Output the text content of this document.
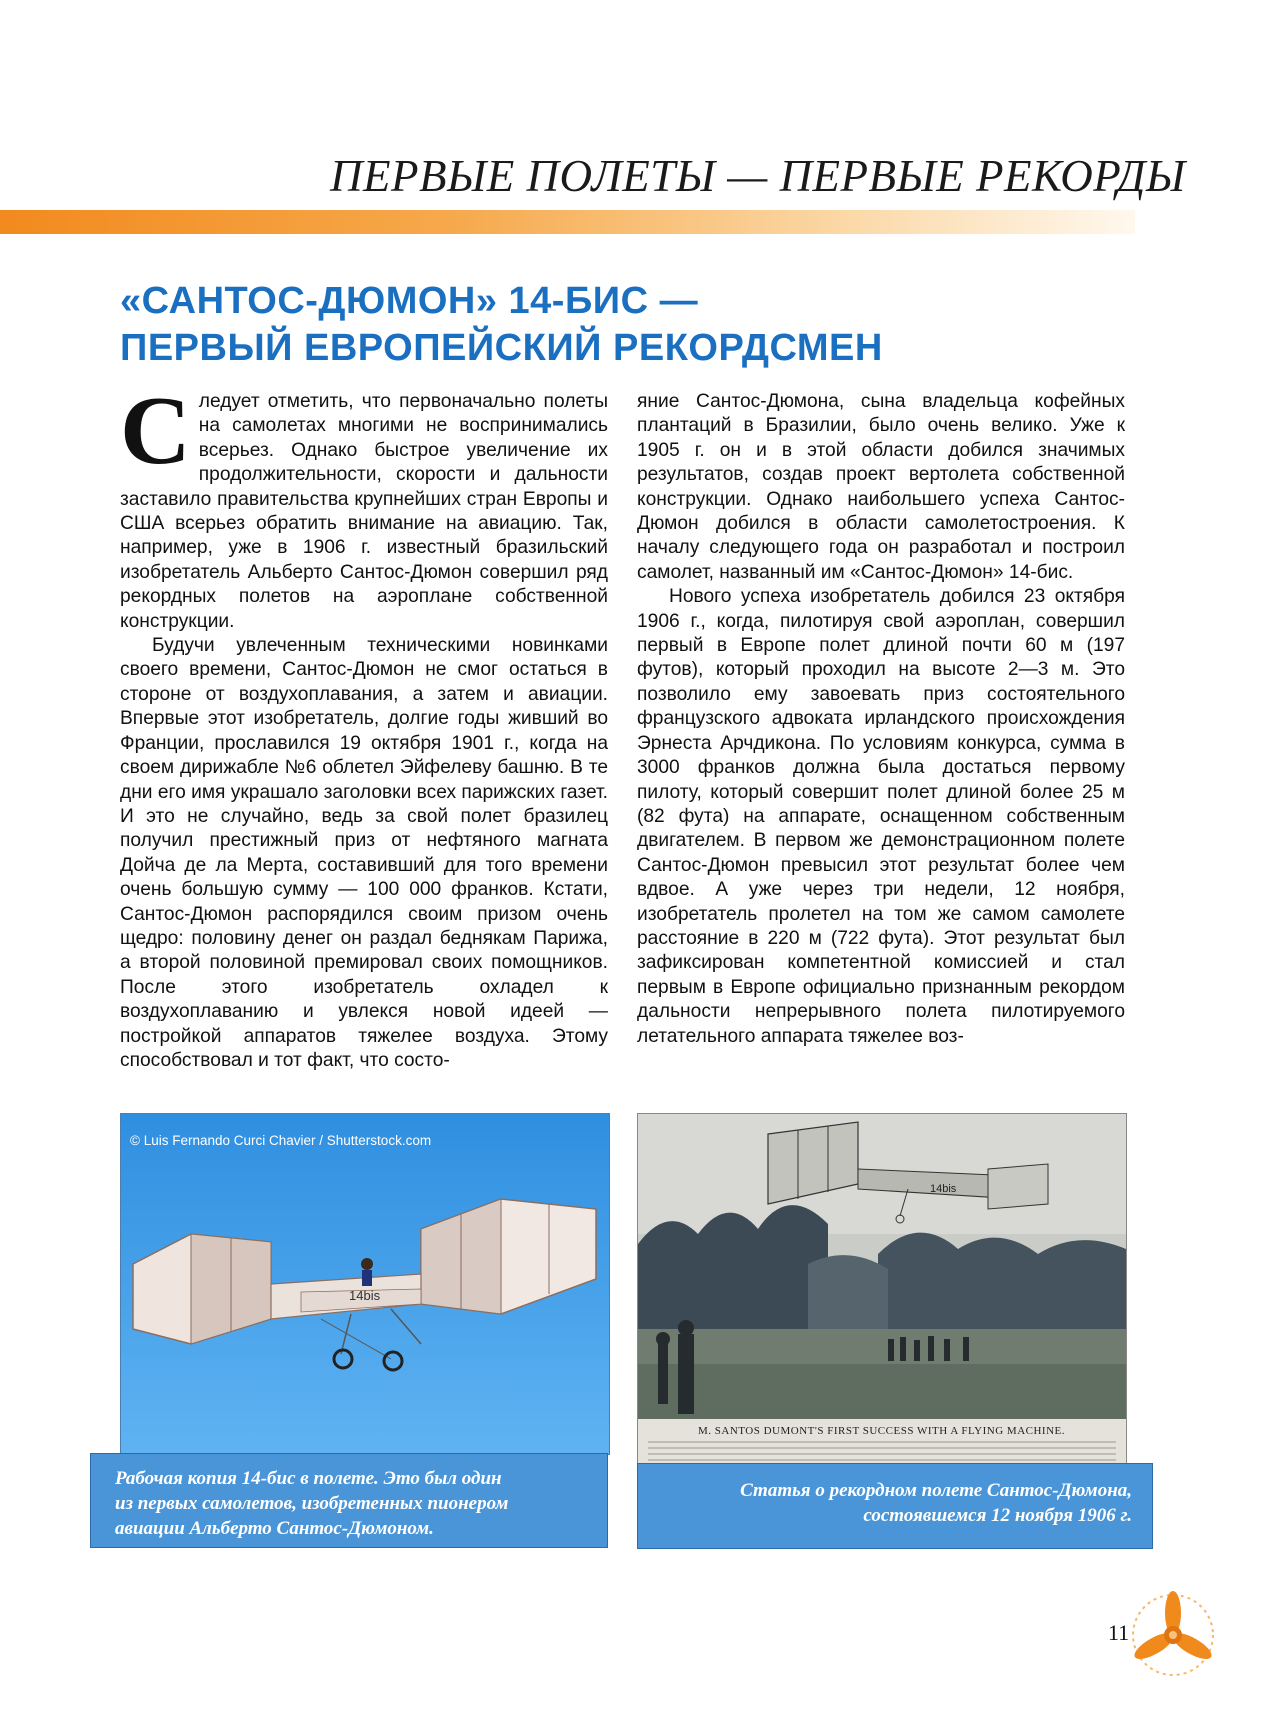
ПЕРВЫЕ ПОЛЕТЫ — ПЕРВЫЕ РЕКОРДЫ
«САНТОС-ДЮМОН» 14-БИС —
ПЕРВЫЙ ЕВРОПЕЙСКИЙ РЕКОРДСМЕН

Следует отметить, что первоначально полеты на самолетах многими не воспринимались всерьез. Однако быстрое увеличение их продолжительности, скорости и дальности заставило правительства крупнейших стран Европы и США всерьез обратить внимание на авиацию. Так, например, уже в 1906 г. известный бразильский изобретатель Альберто Сантос-Дюмон совершил ряд рекордных полетов на аэроплане собственной конструкции.

Будучи увлеченным техническими новинками своего времени, Сантос-Дюмон не смог остаться в стороне от воздухоплавания, а затем и авиации. Впервые этот изобретатель, долгие годы живший во Франции, прославился 19 октября 1901 г., когда на своем дирижабле №6 облетел Эйфелеву башню. В те дни его имя украшало заголовки всех парижских газет. И это не случайно, ведь за свой полет бразилец получил престижный приз от нефтяного магната Дойча де ла Мерта, составивший для того времени очень большую сумму — 100 000 франков. Кстати, Сантос-Дюмон распорядился своим призом очень щедро: половину денег он раздал беднякам Парижа, а второй половиной премировал своих помощников. После этого изобретатель охладел к воздухоплаванию и увлекся новой идеей — постройкой аппаратов тяжелее воздуха. Этому способствовал и тот факт, что состо-

яние Сантос-Дюмона, сына владельца кофейных плантаций в Бразилии, было очень велико. Уже к 1905 г. он и в этой области добился значимых результатов, создав проект вертолета собственной конструкции. Однако наибольшего успеха Сантос-Дюмон добился в области самолетостроения. К началу следующего года он разработал и построил самолет, названный им «Сантос-Дюмон» 14-бис.

Нового успеха изобретатель добился 23 октября 1906 г., когда, пилотируя свой аэроплан, совершил первый в Европе полет длиной почти 60 м (197 футов), который проходил на высоте 2—3 м. Это позволило ему завоевать приз состоятельного французского адвоката ирландского происхождения Эрнеста Арчдикона. По условиям конкурса, сумма в 3000 франков должна была достаться первому пилоту, который совершит полет длиной более 25 м (82 фута) на аппарате, оснащенном собственным двигателем. В первом же демонстрационном полете Сантос-Дюмон превысил этот результат более чем вдвое. А уже через три недели, 12 ноября, изобретатель пролетел на том же самом самолете расстояние в 220 м (722 фута). Этот результат был зафиксирован компетентной комиссией и стал первым в Европе официально признанным рекордом дальности непрерывного полета пилотируемого летательного аппарата тяжелее воз-

14bis
© Luis Fernando Curci Chavier / Shutterstock.com
Рабочая копия 14-бис в полете. Это был один
из первых самолетов, изобретенных пионером
авиации Альберто Сантос-Дюмоном.
14bis
M. SANTOS DUMONT'S FIRST SUCCESS WITH A FLYING MACHINE.
Статья о рекордном полете Сантос-Дюмона,
состоявшемся 12 ноября 1906 г.
11
